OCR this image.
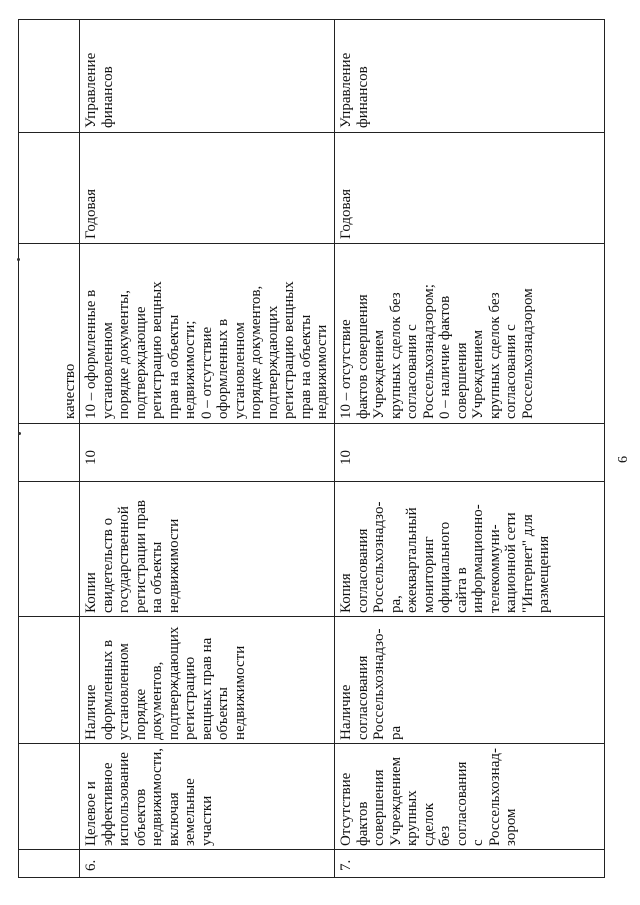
качество
6.
Целевое и
эффективное
использование
объектов
недвижимости,
включая
земельные
участки
Наличие
оформленных в
установленном
порядке
документов,
подтверждающих
регистрацию
вещных прав на
объекты
недвижимости
Копии
свидетельств о
государственной
регистрации прав
на объекты
недвижимости
10
10 – оформленные в
установленном
порядке документы,
подтверждающие
регистрацию вещных
прав на объекты
недвижимости;
0 – отсутствие
оформленных в
установленном
порядке документов,
подтверждающих
регистрацию вещных
прав на объекты
недвижимости
Годовая
Управление
финансов
7.
Отсутствие
фактов
совершения
Учреждением
крупных сделок
без согласования
с Россельхознад-
зором
Наличие
согласования
Россельхознадзо-
ра
Копия
согласования
Россельхознадзо-
ра,
ежеквартальный
мониторинг
официального
сайта в
информационно-
телекоммуни-
кационной сети
"Интернет" для
размещения
10
10 – отсутствие
фактов совершения
Учреждением
крупных сделок без
согласования с
Россельхознадзором;
0 – наличие фактов
совершения
Учреждением
крупных сделок без
согласования с
Россельхознадзором
Годовая
Управление
финансов
6
